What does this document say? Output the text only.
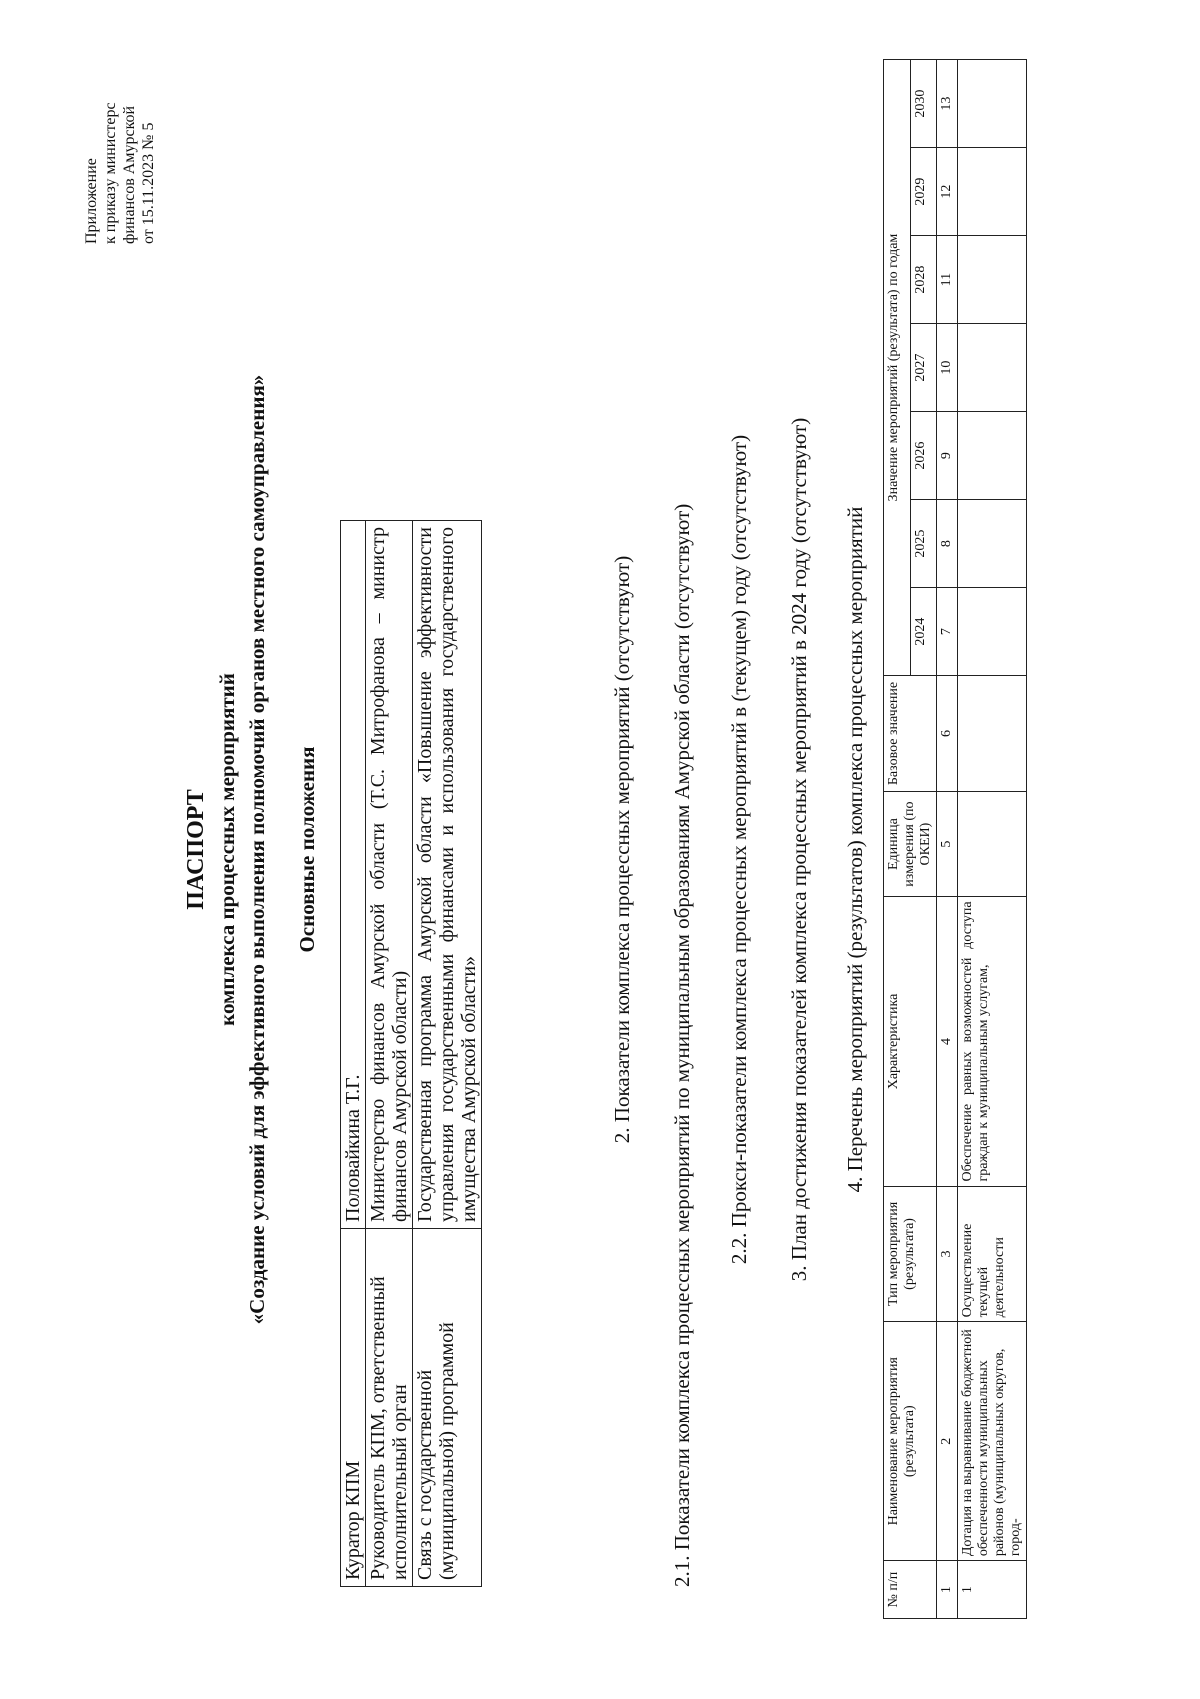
Приложение к приказу министерс финансов Амурской от 15.11.2023 № 5
ПАСПОРТ комплекса процессных мероприятий «Создание условий для эффективного выполнения полномочий органов местного самоуправления» Основные положения
Куратор КПМ	Половайкина Т.Г.
Руководитель КПМ, ответственный исполнительный орган	Министерство финансов Амурской области (Т.С. Митрофанова – министр финансов Амурской области)
Связь с государственной (муниципальной) программой	Государственная программа Амурской области «Повышение эффективности управления государственными финансами и использования государственного имущества Амурской области»	2. Показатели комплекса процессных мероприятий (отсутствуют) 2.1. Показатели комплекса процессных мероприятий по муниципальным образованиям Амурской области (отсутствуют) 2.2. Прокси-показатели комплекса процессных мероприятий в (текущем) году (отсутствуют) 3. План достижения показателей комплекса процессных мероприятий в 2024 году (отсутствуют) 4. Перечень мероприятий (результатов) комплекса процессных мероприятий
№ п/п	Наименование мероприятия (результата)	Тип мероприятия (результата)	Характеристика	Единица измерения (по ОКЕИ)	Базовое значение	Значение мероприятий (результата) по годам						
						2024	2025	2026	2027	2028	2029	2030
1	2	3	4	5	6	7	8	9	10	11	12	13
1	Дотация на выравнивание бюджетной обеспеченности муниципальных районов (муниципальных округов, город-	Осуществление текущей деятельности	Обеспечение равных возможностей доступа граждан к муниципальным услугам,									
